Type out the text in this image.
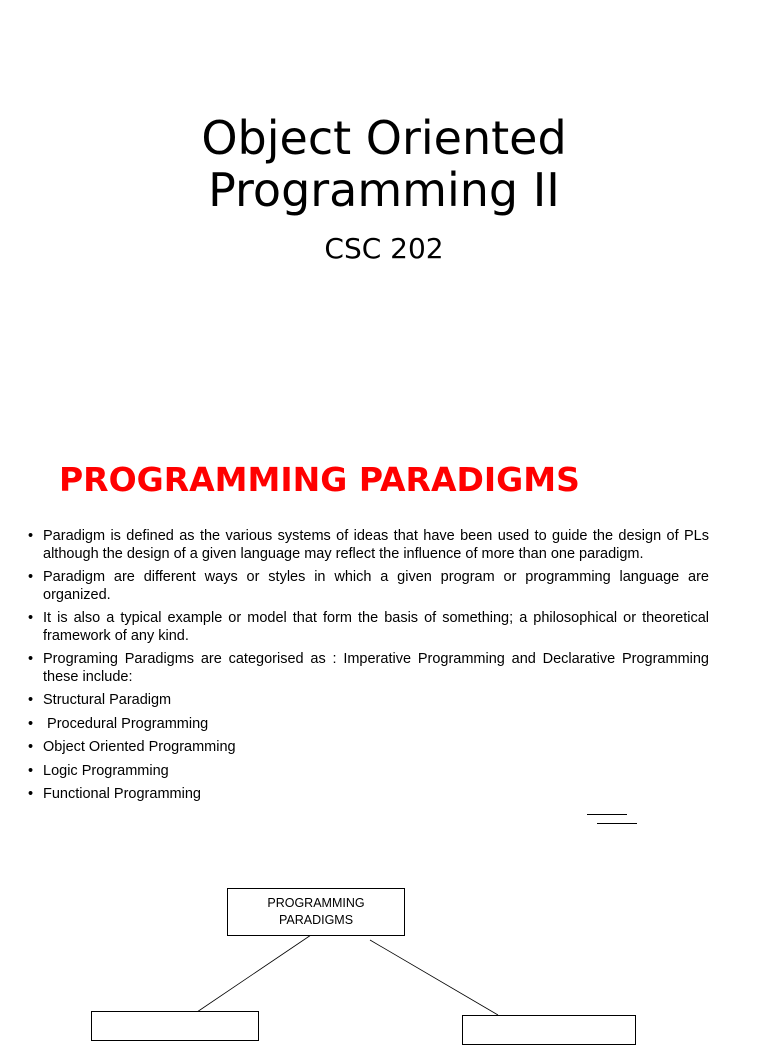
Object Oriented
Programming II
CSC 202
PROGRAMMING PARADIGMS
• Paradigm is defined as the various systems of ideas that have been used to guide the design of PLs although the design of a given language may reflect the influence of more than one paradigm.
• Paradigm are different ways or styles in which a given program or programming language are organized.
• It is also a typical example or model that form the basis of something; a philosophical or theoretical framework of any kind.
• Programing Paradigms are categorised as : Imperative Programming and Declarative Programming these include:
• Structural Paradigm
• Procedural Programming
• Object Oriented Programming
• Logic Programming
• Functional Programming
PROGRAMMING
PARADIGMS
